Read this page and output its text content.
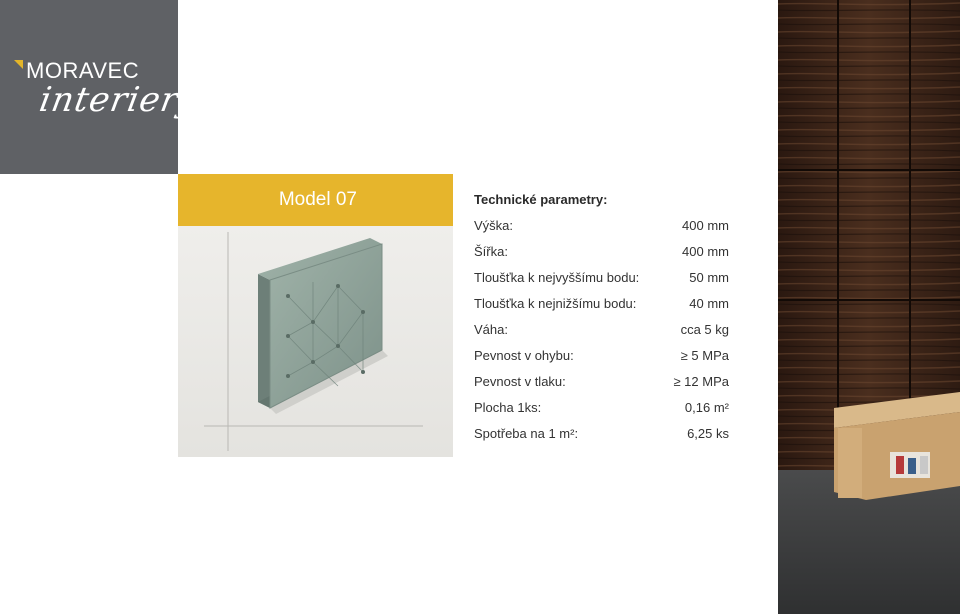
MORAVEC
interiery
Model 07	Technické parametry:
Výška:	400 mm
Šířka:	400 mm
Tloušťka k nejvyššímu bodu:	50 mm
Tloušťka k nejnižšímu bodu:	40 mm
Váha:	cca 5 kg
Pevnost v ohybu:	≥ 5 MPa
Pevnost v tlaku:	≥ 12 MPa
Plocha 1ks:	0,16 m²
Spotřeba na 1 m²:	6,25 ks
